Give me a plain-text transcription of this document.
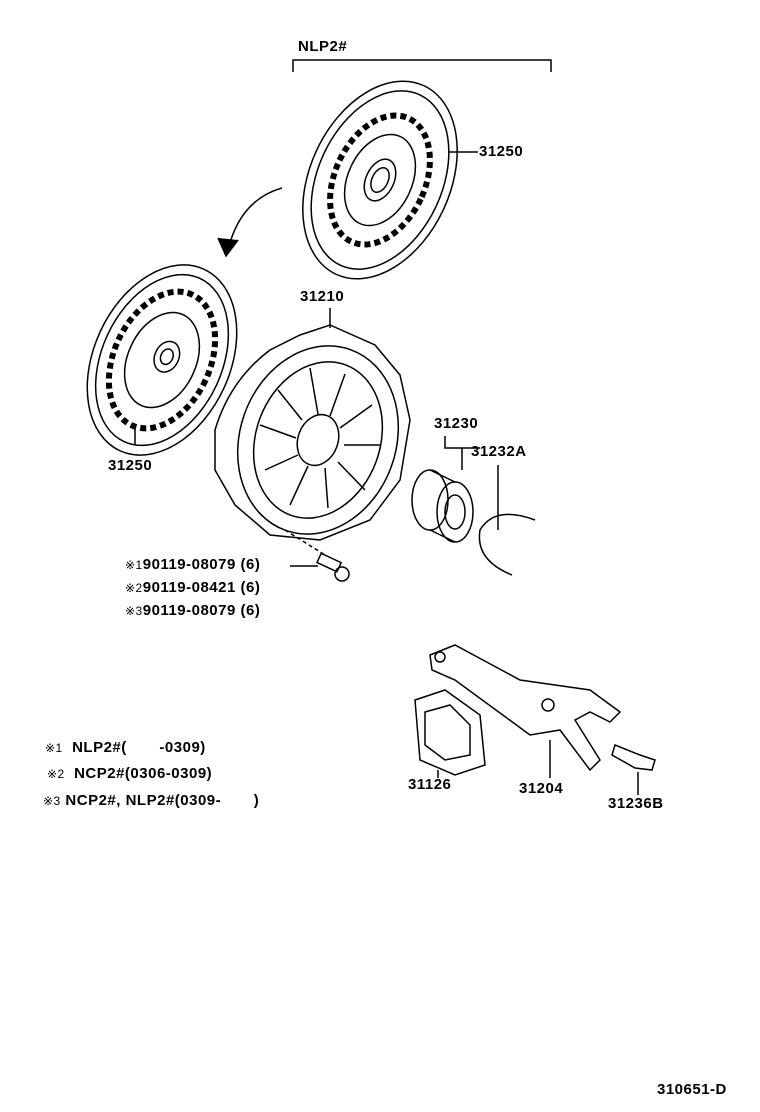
NLP2#
31250
31250
31210
31230
31232A
31126	31204
31236B
※190119-08079 (6)
※290119-08421 (6)
※390119-08079 (6)
※1 NLP2#(       -0309)
※2 NCP2#(0306-0309)
※3 NCP2#, NLP2#(0309-       )
310651-D
